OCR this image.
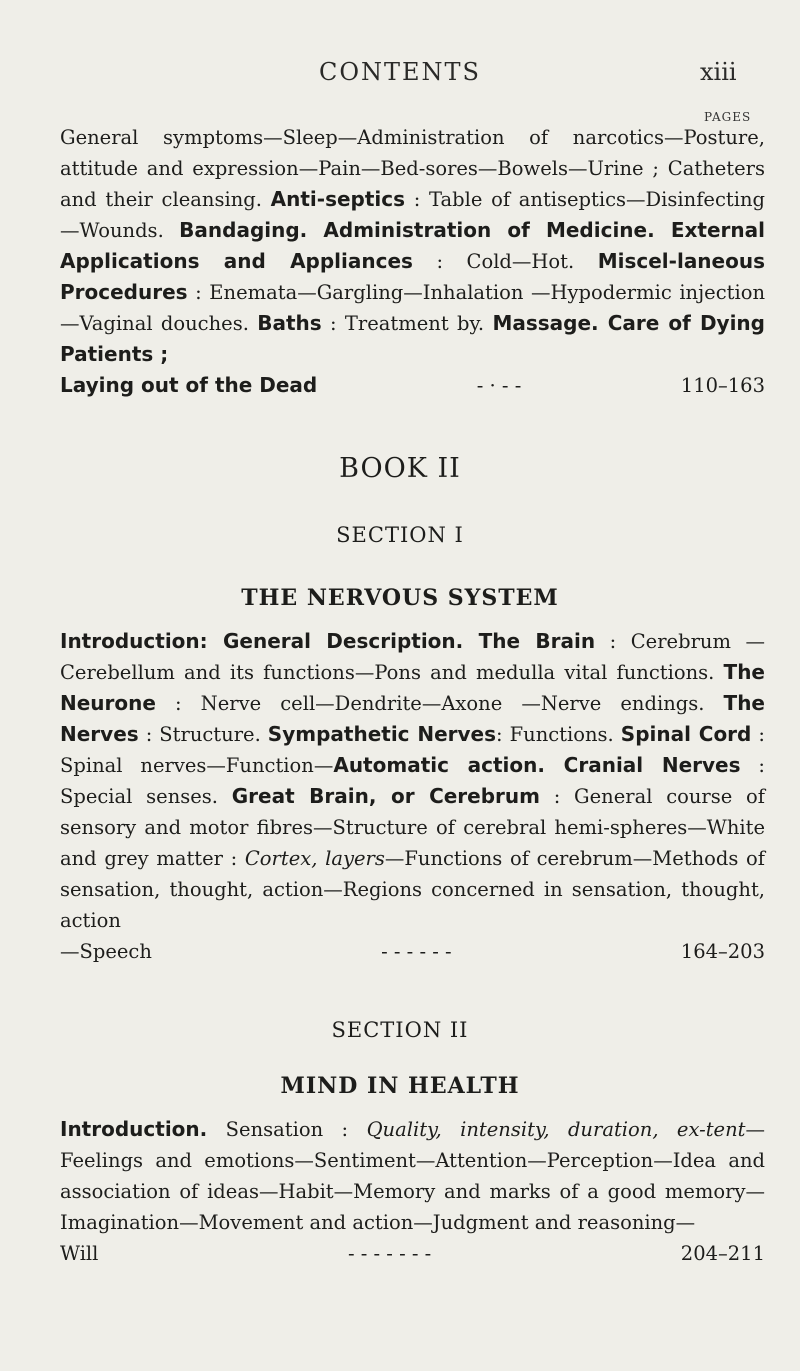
CONTENTS	xiii
PAGES
General symptoms—Sleep—Administration of narcotics—Posture, attitude and expression—Pain—Bed-sores—Bowels—Urine ; Catheters and their cleansing. Anti-septics : Table of antiseptics—Disinfecting—Wounds. Bandaging. Administration of Medicine. External Applications and Appliances : Cold—Hot. Miscel-laneous Procedures : Enemata—Gargling—Inhalation —Hypodermic injection—Vaginal douches. Baths : Treatment by. Massage. Care of Dying Patients ;
Laying out of the Dead	- · - -	110–163
BOOK II
SECTION I
THE NERVOUS SYSTEM
Introduction: General Description. The Brain : Cerebrum —Cerebellum and its functions—Pons and medulla vital functions. The Neurone : Nerve cell—Dendrite—Axone —Nerve endings. The Nerves : Structure. Sympathetic Nerves: Functions. Spinal Cord : Spinal nerves—Function—Automatic action. Cranial Nerves : Special senses. Great Brain, or Cerebrum : General course of sensory and motor fibres—Structure of cerebral hemi-spheres—White and grey matter : Cortex, layers—Functions of cerebrum—Methods of sensation, thought, action—Regions concerned in sensation, thought, action
—Speech	- - - - - -	164–203
SECTION II
MIND IN HEALTH
Introduction. Sensation : Quality, intensity, duration, ex-tent—Feelings and emotions—Sentiment—Attention—Perception—Idea and association of ideas—Habit—Memory and marks of a good memory—Imagination—Movement and action—Judgment and reasoning—
Will	- - - - - - -	204–211
